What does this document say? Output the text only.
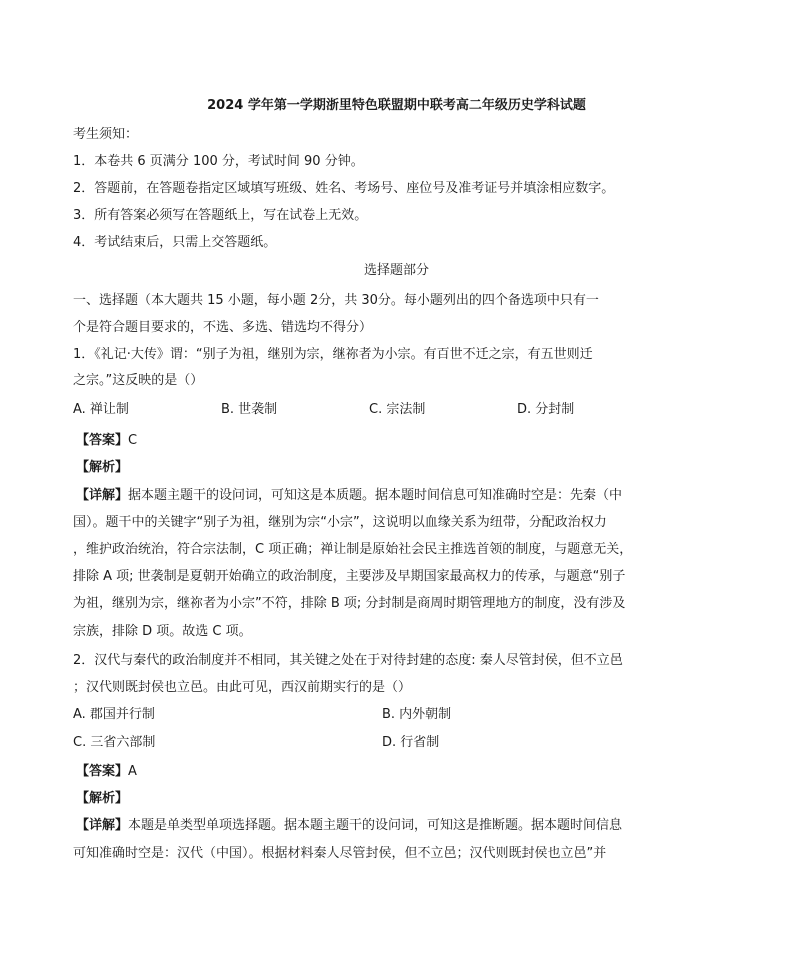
2024 学年第一学期浙里特色联盟期中联考高二年级历史学科试题
考生须知：
1．本卷共 6 页满分 100 分，考试时间 90 分钟。
2．答题前，在答题卷指定区域填写班级、姓名、考场号、座位号及准考证号并填涂相应数字。
3．所有答案必须写在答题纸上，写在试卷上无效。
4．考试结束后，只需上交答题纸。
选择题部分
一、选择题（本大题共 15 小题，每小题 2分，共 30分。每小题列出的四个备选项中只有一
个是符合题目要求的，不选、多选、错选均不得分）
1．《礼记·大传》谓：“别子为祖，继别为宗，继祢者为小宗。有百世不迁之宗，有五世则迁
之宗。”这反映的是（）
A. 禅让制	B. 世袭制	C. 宗法制	D. 分封制
【答案】C
【解析】
【详解】据本题主题干的设问词，可知这是本质题。据本题时间信息可知准确时空是：先秦（中
国）。题干中的关键字“别子为祖，继别为宗“小宗”，这说明以血缘关系为纽带，分配政治权力
，维护政治统治，符合宗法制，C 项正确；禅让制是原始社会民主推选首领的制度，与题意无关，
排除 A 项; 世袭制是夏朝开始确立的政治制度，主要涉及早期国家最高权力的传承，与题意“别子
为祖，继别为宗，继祢者为小宗”不符，排除 B 项; 分封制是商周时期管理地方的制度，没有涉及
宗族，排除 D 项。故选 C 项。
2．汉代与秦代的政治制度并不相同，其关键之处在于对待封建的态度: 秦人尽管封侯，但不立邑
；汉代则既封侯也立邑。由此可见，西汉前期实行的是（）
A. 郡国并行制	B. 内外朝制
C. 三省六部制	D. 行省制
【答案】A
【解析】
【详解】本题是单类型单项选择题。据本题主题干的设问词，可知这是推断题。据本题时间信息
可知准确时空是：汉代（中国）。根据材料秦人尽管封侯，但不立邑；汉代则既封侯也立邑”并
